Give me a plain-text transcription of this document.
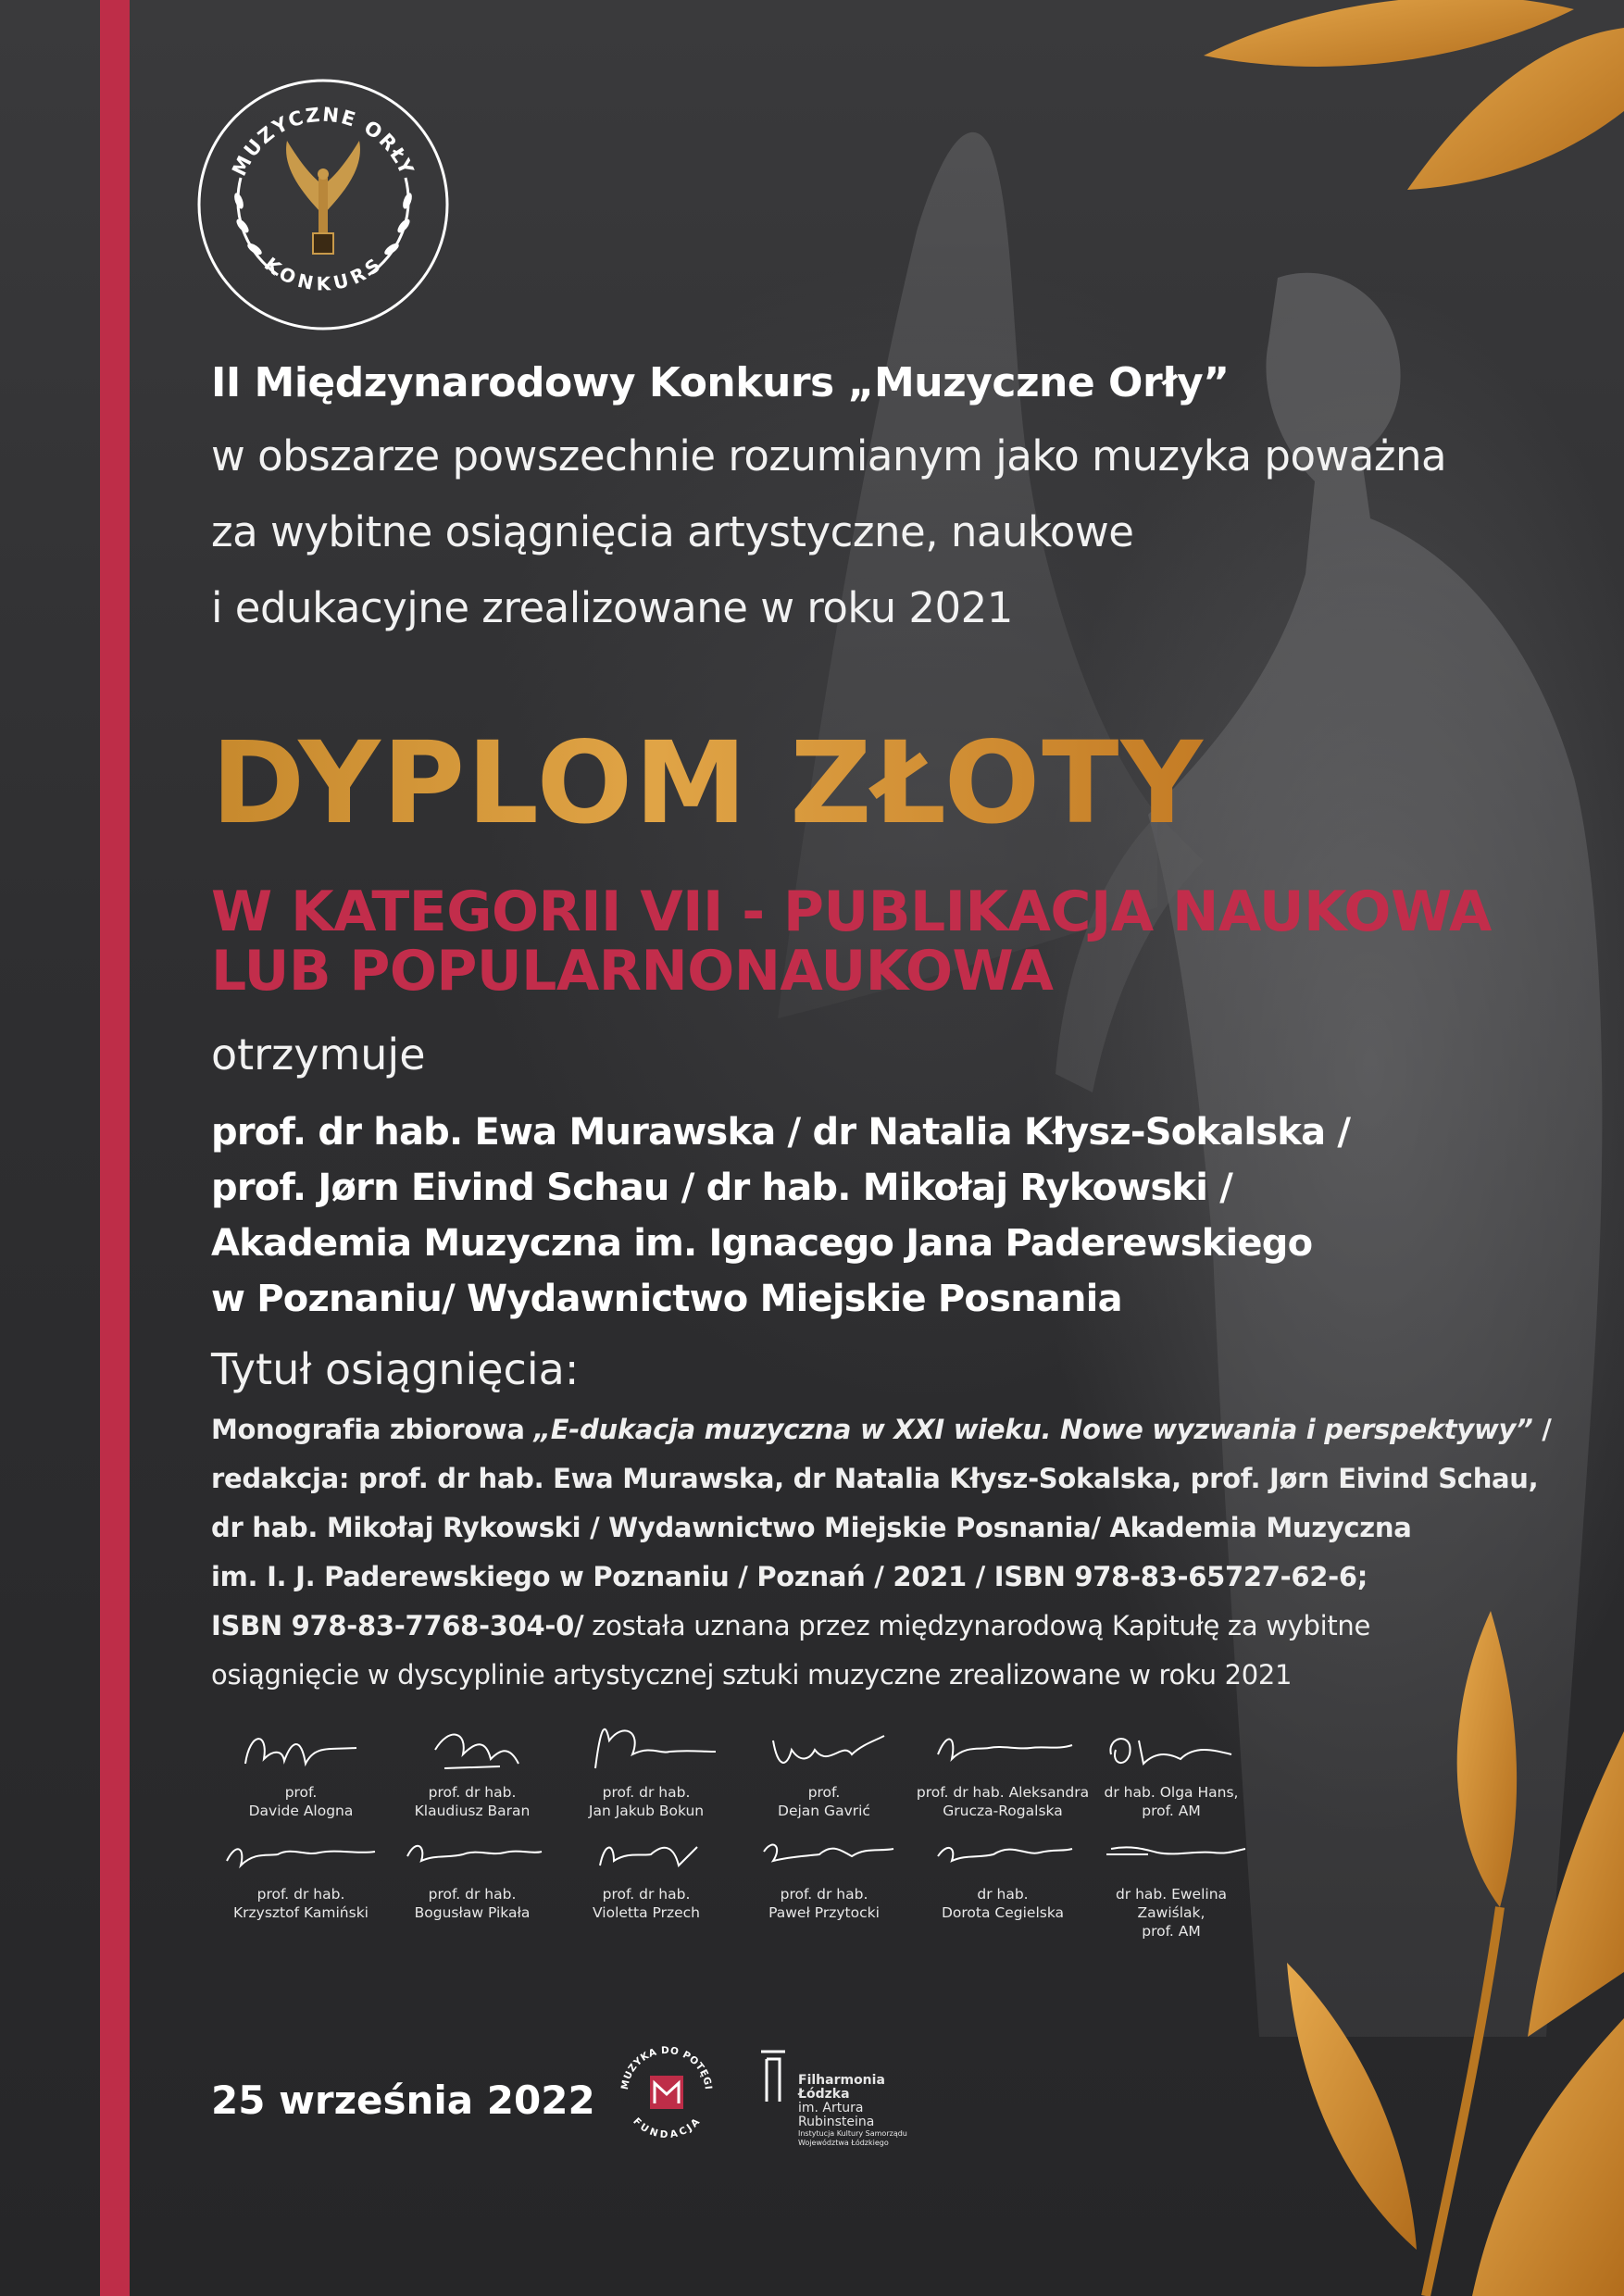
MUZYCZNE ORŁY
KONKURS
II Międzynarodowy Konkurs „Muzyczne Orły”
w obszarze powszechnie rozumianym jako muzyka poważna
za wybitne osiągnięcia artystyczne, naukowe
i edukacyjne zrealizowane w roku 2021
DYPLOM ZŁOTY
W KATEGORII VII - PUBLIKACJA NAUKOWA
LUB POPULARNONAUKOWA
otrzymuje
prof. dr hab. Ewa Murawska / dr Natalia Kłysz-Sokalska /
prof. Jørn Eivind Schau / dr hab. Mikołaj Rykowski /
Akademia Muzyczna im. Ignacego Jana Paderewskiego
w Poznaniu/ Wydawnictwo Miejskie Posnania
Tytuł osiągnięcia:
Monografia zbiorowa „E-dukacja muzyczna w XXI wieku. Nowe wyzwania i perspektywy” /
redakcja: prof. dr hab. Ewa Murawska, dr Natalia Kłysz-Sokalska, prof. Jørn Eivind Schau,
dr hab. Mikołaj Rykowski / Wydawnictwo Miejskie Posnania/ Akademia Muzyczna
im. I. J. Paderewskiego w Poznaniu / Poznań / 2021 / ISBN 978-83-65727-62-6;
ISBN 978-83-7768-304-0/ została uznana przez międzynarodową Kapitułę za wybitne
osiągnięcie w dyscyplinie artystycznej sztuki muzyczne zrealizowane w roku 2021
prof.
Davide Alogna
prof. dr hab.
Klaudiusz Baran
prof. dr hab.
Jan Jakub Bokun
prof.
Dejan Gavrić
prof. dr hab. Aleksandra
Grucza-Rogalska
dr hab. Olga Hans,
prof. AM
prof. dr hab.
Krzysztof Kamiński
prof. dr hab.
Bogusław Pikała
prof. dr hab.
Violetta Przech
prof. dr hab.
Paweł Przytocki
dr hab.
Dorota Cegielska
dr hab. Ewelina Zawiślak,
prof. AM
25 września 2022 MUZYKA DO POTĘGI
FUNDACJA
Filharmonia
Łódzka
im. Artura
Rubinsteina
Instytucja Kultury Samorządu
Województwa Łódzkiego
